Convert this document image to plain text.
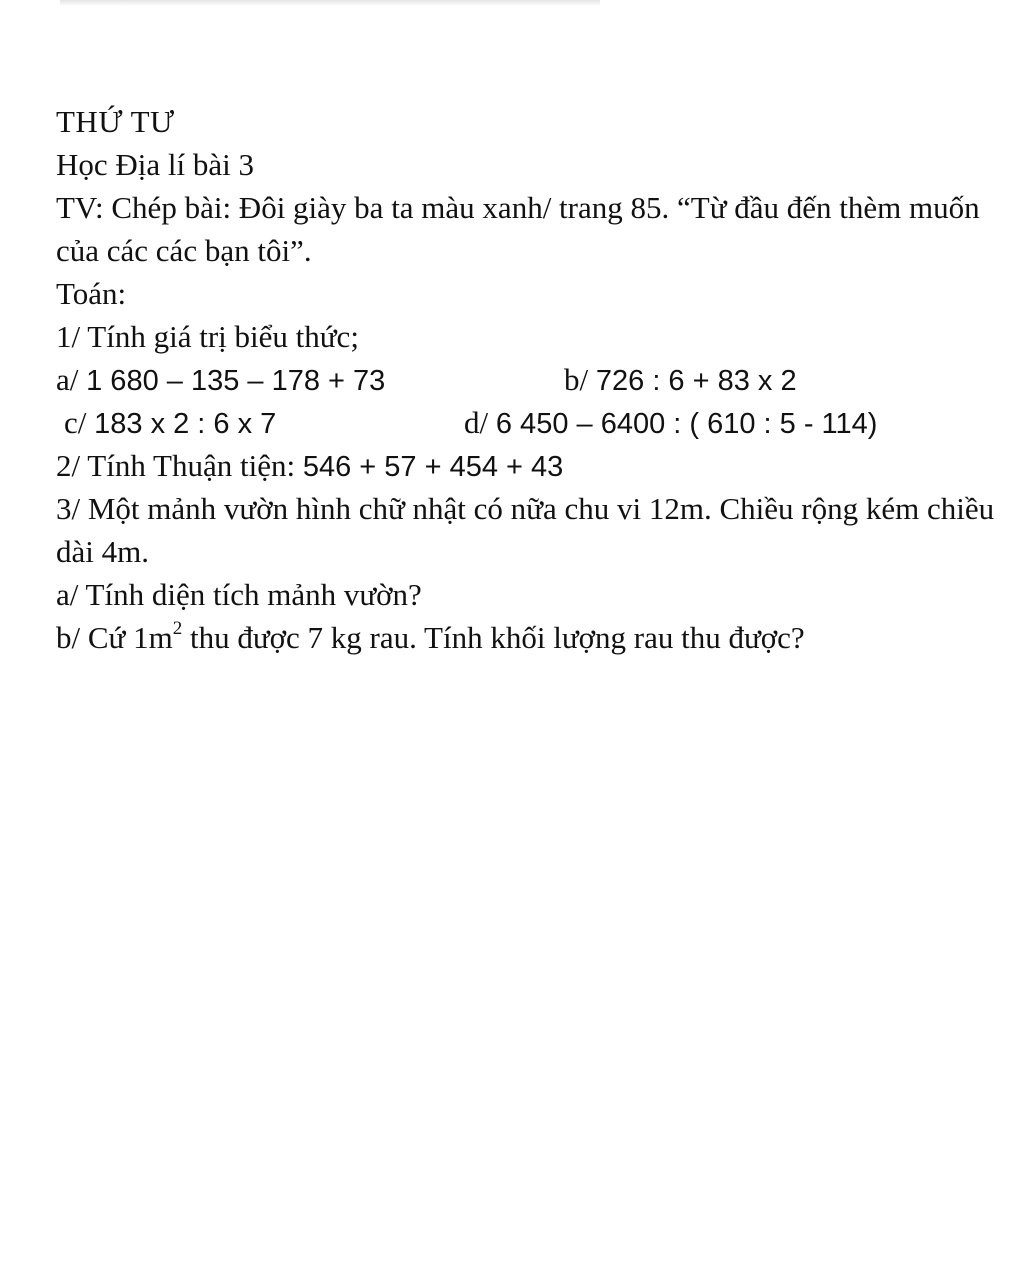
THỨ TƯ
Học Địa lí bài 3
TV: Chép bài: Đôi giày ba ta màu xanh/ trang 85. “Từ đầu đến thèm muốn của các các bạn tôi”.
Toán:
1/ Tính giá trị biểu thức;
a/ 1 680 – 135 – 178 + 73	b/ 726 : 6 + 83 x 2
c/ 183 x 2 : 6 x 7	d/ 6 450 – 6400 : ( 610 : 5 - 114)
2/ Tính Thuận tiện: 546 + 57 + 454 + 43
3/ Một mảnh vườn hình chữ nhật có nữa chu vi 12m. Chiều rộng kém chiều dài 4m.
a/ Tính diện tích mảnh vườn?
b/ Cứ $1m^2$ thu được 7 kg rau. Tính khối lượng rau thu được?
